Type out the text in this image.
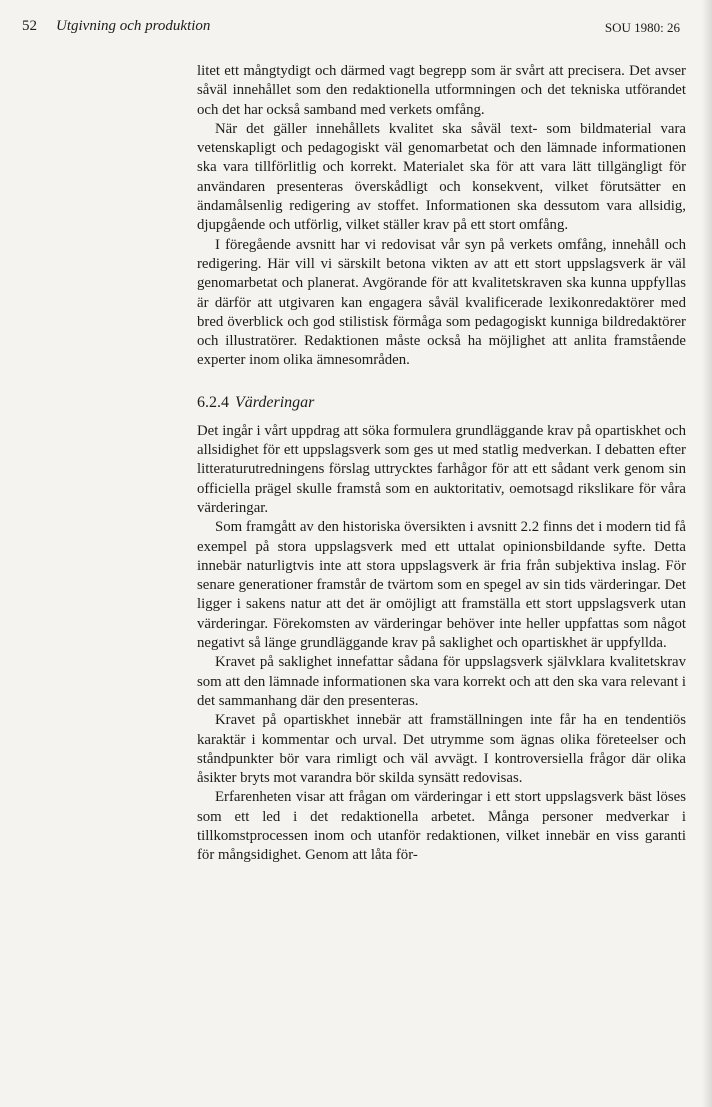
52 Utgivning och produktion	SOU 1980: 26

litet ett mångtydigt och därmed vagt begrepp som är svårt att precisera. Det avser såväl innehållet som den redaktionella utformningen och det tekniska utförandet och det har också samband med verkets omfång.

När det gäller innehållets kvalitet ska såväl text- som bildmaterial vara vetenskapligt och pedagogiskt väl genomarbetat och den lämnade informationen ska vara tillförlitlig och korrekt. Materialet ska för att vara lätt tillgängligt för användaren presenteras överskådligt och konsekvent, vilket förutsätter en ändamålsenlig redigering av stoffet. Informationen ska dessutom vara allsidig, djupgående och utförlig, vilket ställer krav på ett stort omfång.

I föregående avsnitt har vi redovisat vår syn på verkets omfång, innehåll och redigering. Här vill vi särskilt betona vikten av att ett stort uppslagsverk är väl genomarbetat och planerat. Avgörande för att kvalitetskraven ska kunna uppfyllas är därför att utgivaren kan engagera såväl kvalificerade lexikonredaktörer med bred överblick och god stilistisk förmåga som pedagogiskt kunniga bildredaktörer och illustratörer. Redaktionen måste också ha möjlighet att anlita framstående experter inom olika ämnesområden.

6.2.4 Värderingar

Det ingår i vårt uppdrag att söka formulera grundläggande krav på opartiskhet och allsidighet för ett uppslagsverk som ges ut med statlig medverkan. I debatten efter litteraturutredningens förslag uttrycktes farhågor för att ett sådant verk genom sin officiella prägel skulle framstå som en auktoritativ, oemotsagd rikslikare för våra värderingar.

Som framgått av den historiska översikten i avsnitt 2.2 finns det i modern tid få exempel på stora uppslagsverk med ett uttalat opinionsbildande syfte. Detta innebär naturligtvis inte att stora uppslagsverk är fria från subjektiva inslag. För senare generationer framstår de tvärtom som en spegel av sin tids värderingar. Det ligger i sakens natur att det är omöjligt att framställa ett stort uppslagsverk utan värderingar. Förekomsten av värderingar behöver inte heller uppfattas som något negativt så länge grundläggande krav på saklighet och opartiskhet är uppfyllda.

Kravet på saklighet innefattar sådana för uppslagsverk självklara kvalitetskrav som att den lämnade informationen ska vara korrekt och att den ska vara relevant i det sammanhang där den presenteras.

Kravet på opartiskhet innebär att framställningen inte får ha en tendentiös karaktär i kommentar och urval. Det utrymme som ägnas olika företeelser och ståndpunkter bör vara rimligt och väl avvägt. I kontroversiella frågor där olika åsikter bryts mot varandra bör skilda synsätt redovisas.

Erfarenheten visar att frågan om värderingar i ett stort uppslagsverk bäst löses som ett led i det redaktionella arbetet. Många personer medverkar i tillkomstprocessen inom och utanför redaktionen, vilket innebär en viss garanti för mångsidighet. Genom att låta för-
